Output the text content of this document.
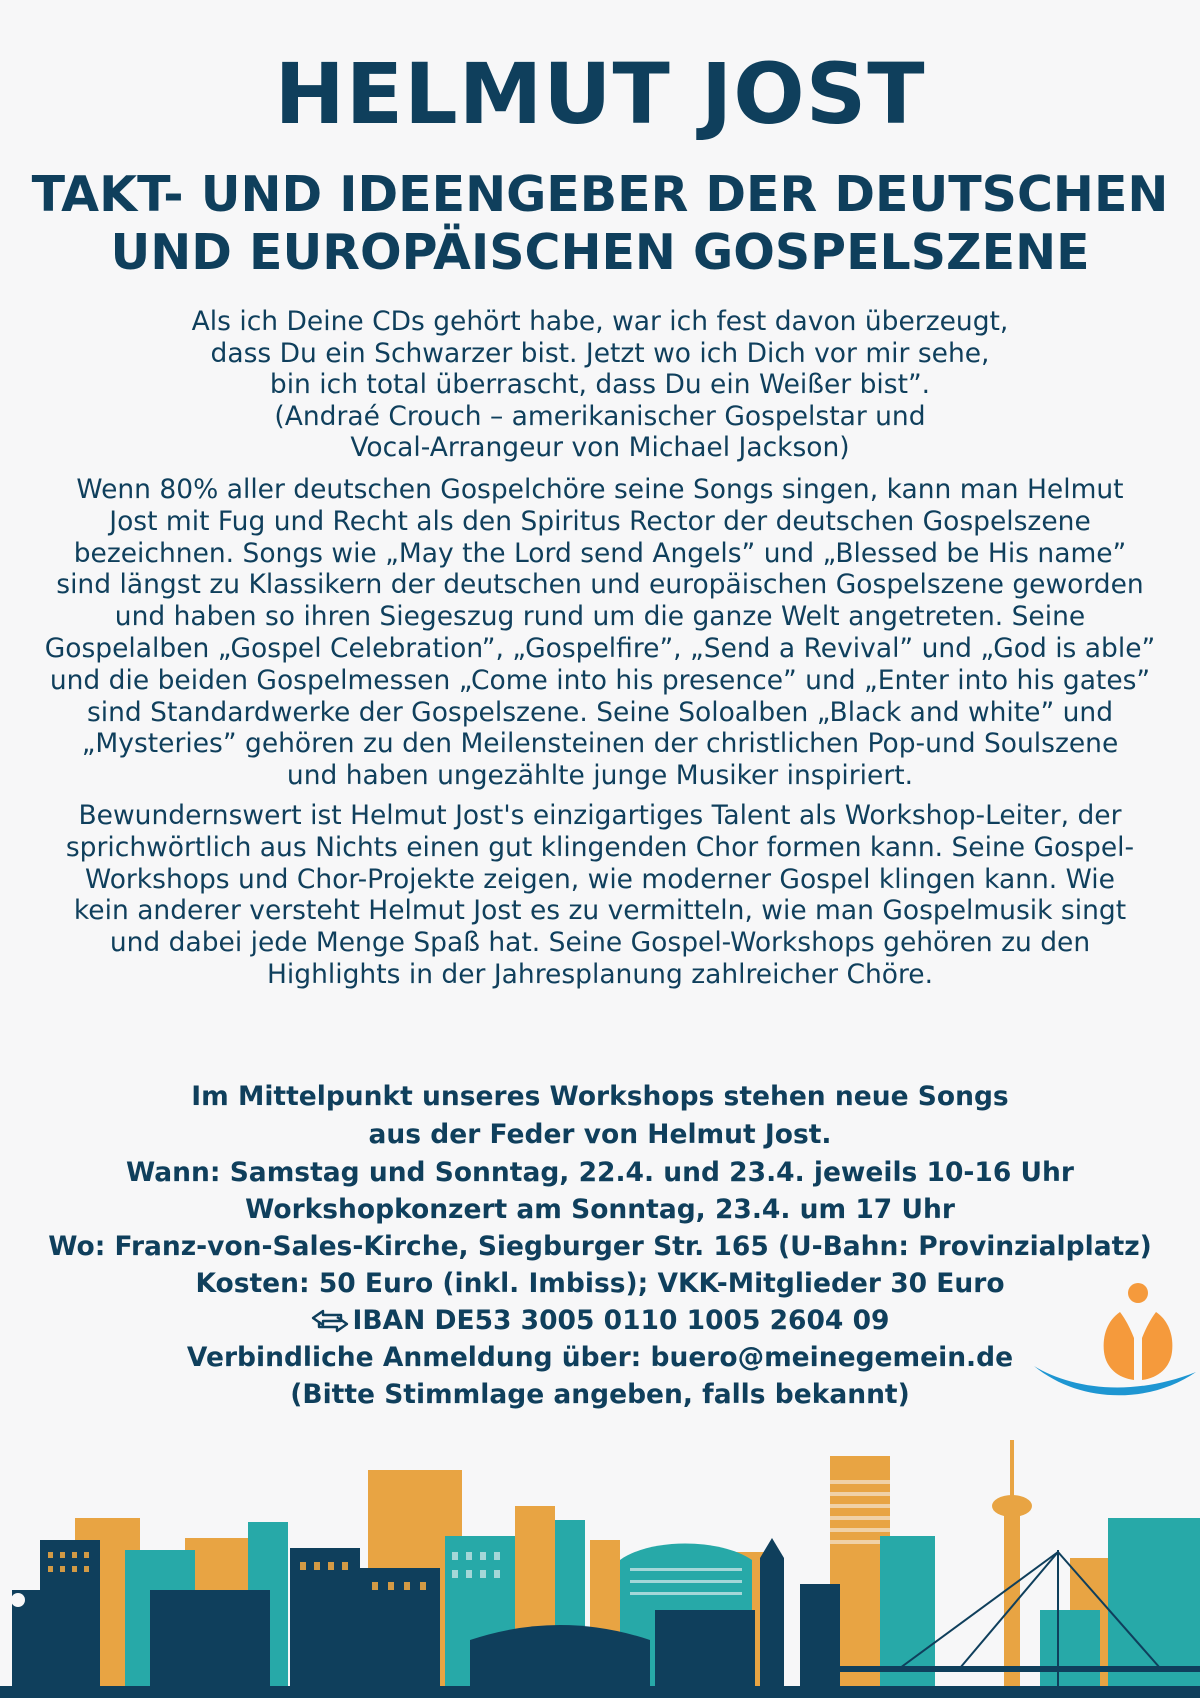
HELMUT JOST
TAKT- UND IDEENGEBER DER DEUTSCHEN
UND EUROPÄISCHEN GOSPELSZENE

Als ich Deine CDs gehört habe, war ich fest davon überzeugt,
dass Du ein Schwarzer bist. Jetzt wo ich Dich vor mir sehe,
bin ich total überrascht, dass Du ein Weißer bist”.
(Andraé Crouch – amerikanischer Gospelstar und
Vocal-Arrangeur von Michael Jackson)

Wenn 80% aller deutschen Gospelchöre seine Songs singen, kann man Helmut
Jost mit Fug und Recht als den Spiritus Rector der deutschen Gospelszene
bezeichnen. Songs wie „May the Lord send Angels” und „Blessed be His name”
sind längst zu Klassikern der deutschen und europäischen Gospelszene geworden
und haben so ihren Siegeszug rund um die ganze Welt angetreten. Seine
Gospelalben „Gospel Celebration”, „Gospelfire”, „Send a Revival” und „God is able”
und die beiden Gospelmessen „Come into his presence” und „Enter into his gates”
sind Standardwerke der Gospelszene. Seine Soloalben „Black and white” und
„Mysteries” gehören zu den Meilensteinen der christlichen Pop-und Soulszene
und haben ungezählte junge Musiker inspiriert.

Bewundernswert ist Helmut Jost's einzigartiges Talent als Workshop-Leiter, der
sprichwörtlich aus Nichts einen gut klingenden Chor formen kann. Seine Gospel-
Workshops und Chor-Projekte zeigen, wie moderner Gospel klingen kann. Wie
kein anderer versteht Helmut Jost es zu vermitteln, wie man Gospelmusik singt
und dabei jede Menge Spaß hat. Seine Gospel-Workshops gehören zu den
Highlights in der Jahresplanung zahlreicher Chöre.

Im Mittelpunkt unseres Workshops stehen neue Songs

aus der Feder von Helmut Jost.

Wann: Samstag und Sonntag, 22.4. und 23.4. jeweils 10-16 Uhr

Workshopkonzert am Sonntag, 23.4. um 17 Uhr

Wo: Franz-von-Sales-Kirche, Siegburger Str. 165 (U-Bahn: Provinzialplatz)

Kosten: 50 Euro (inkl. Imbiss); VKK-Mitglieder 30 Euro

IBAN DE53 3005 0110 1005 2604 09

Verbindliche Anmeldung über: buero@meinegemein.de

(Bitte Stimmlage angeben, falls bekannt)
